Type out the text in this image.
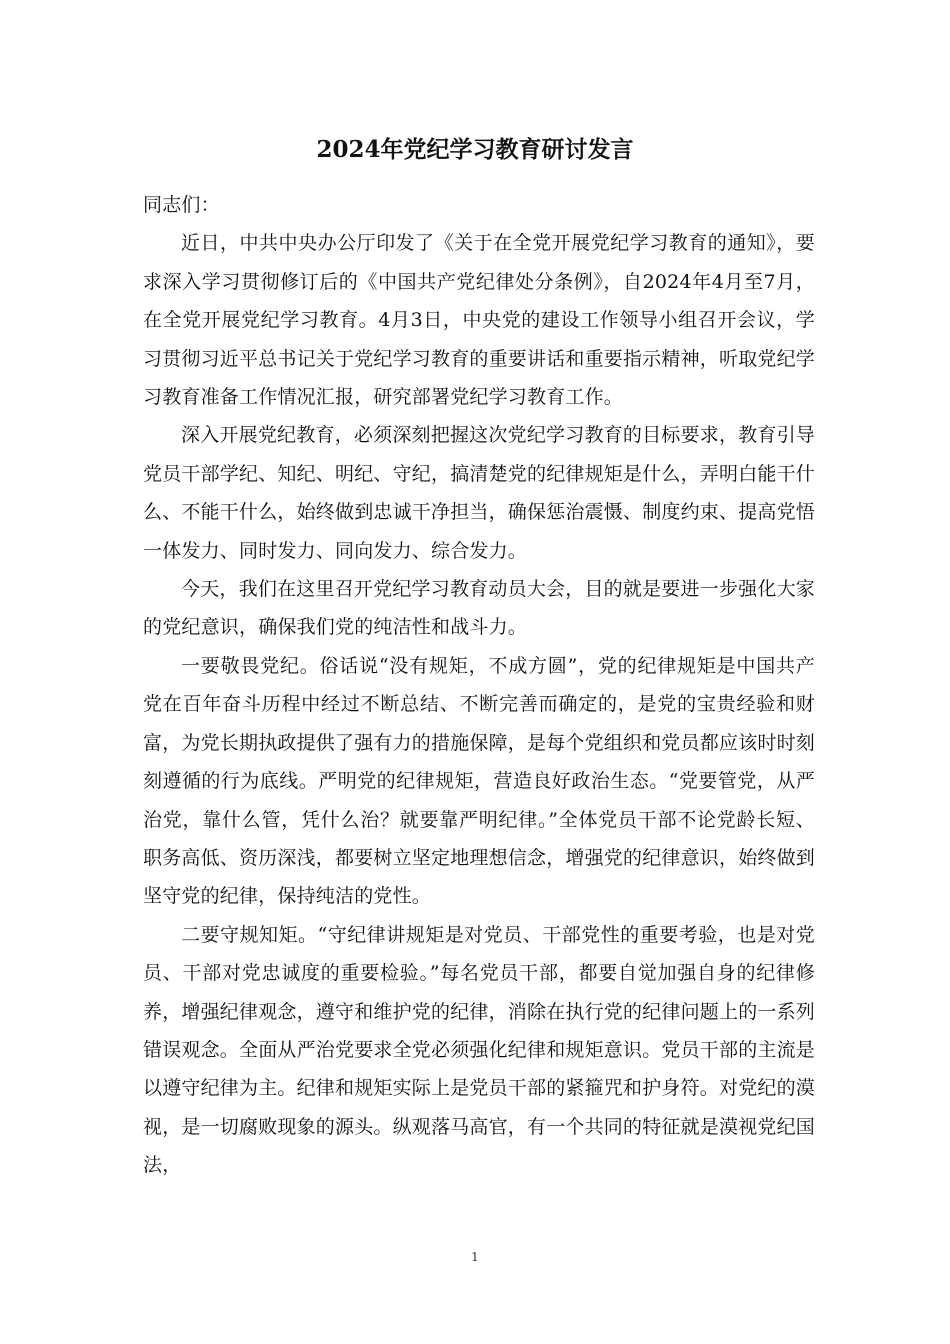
2024年党纪学习教育研讨发言

同志们：

近日，中共中央办公厅印发了《关于在全党开展党纪学习教育的通知》，要求深入学习贯彻修订后的《中国共产党纪律处分条例》，自2024年4月至7月，在全党开展党纪学习教育。4月3日，中央党的建设工作领导小组召开会议，学习贯彻习近平总书记关于党纪学习教育的重要讲话和重要指示精神，听取党纪学习教育准备工作情况汇报，研究部署党纪学习教育工作。

深入开展党纪教育，必须深刻把握这次党纪学习教育的目标要求，教育引导党员干部学纪、知纪、明纪、守纪，搞清楚党的纪律规矩是什么，弄明白能干什么、不能干什么，始终做到忠诚干净担当，确保惩治震慑、制度约束、提高党悟一体发力、同时发力、同向发力、综合发力。

今天，我们在这里召开党纪学习教育动员大会，目的就是要进一步强化大家的党纪意识，确保我们党的纯洁性和战斗力。

一要敬畏党纪。俗话说“没有规矩，不成方圆”，党的纪律规矩是中国共产党在百年奋斗历程中经过不断总结、不断完善而确定的，是党的宝贵经验和财富，为党长期执政提供了强有力的措施保障，是每个党组织和党员都应该时时刻刻遵循的行为底线。严明党的纪律规矩，营造良好政治生态。“党要管党，从严治党，靠什么管，凭什么治？就要靠严明纪律。”全体党员干部不论党龄长短、职务高低、资历深浅，都要树立坚定地理想信念，增强党的纪律意识，始终做到坚守党的纪律，保持纯洁的党性。

二要守规知矩。“守纪律讲规矩是对党员、干部党性的重要考验，也是对党员、干部对党忠诚度的重要检验。”每名党员干部，都要自觉加强自身的纪律修养，增强纪律观念，遵守和维护党的纪律，消除在执行党的纪律问题上的一系列错误观念。全面从严治党要求全党必须强化纪律和规矩意识。党员干部的主流是以遵守纪律为主。纪律和规矩实际上是党员干部的紧箍咒和护身符。对党纪的漠视，是一切腐败现象的源头。纵观落马高官，有一个共同的特征就是漠视党纪国法，

1
